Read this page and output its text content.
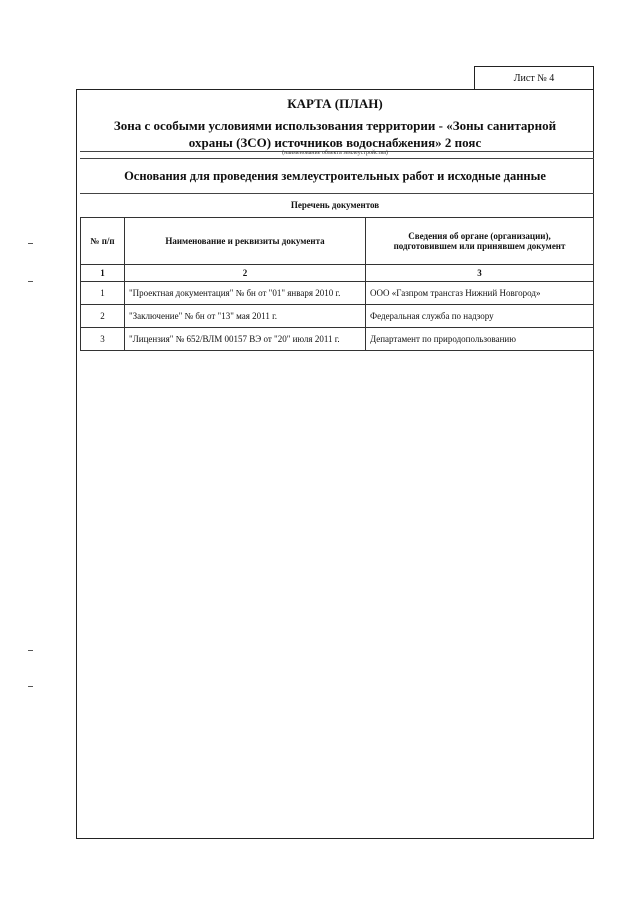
Лист № 4
КАРТА (ПЛАН)
Зона с особыми условиями использования территории - «Зоны санитарной охраны (ЗСО) источников водоснабжения» 2 пояс
(наименование объекта землеустройства)
Основания для проведения землеустроительных работ и исходные данные
Перечень документов
№ п/п	Наименование и реквизиты документа	Сведения об органе (организации), подготовившем или принявшем документ
1	2	3
1	"Проектная документация" № бн от "01" января 2010 г.	ООО «Газпром трансгаз Нижний Новгород»
2	"Заключение" № бн от "13" мая 2011 г.	Федеральная служба по надзору
3	"Лицензия" № 652/ВЛМ 00157 ВЭ от "20" июля 2011 г.	Департамент по природопользованию
